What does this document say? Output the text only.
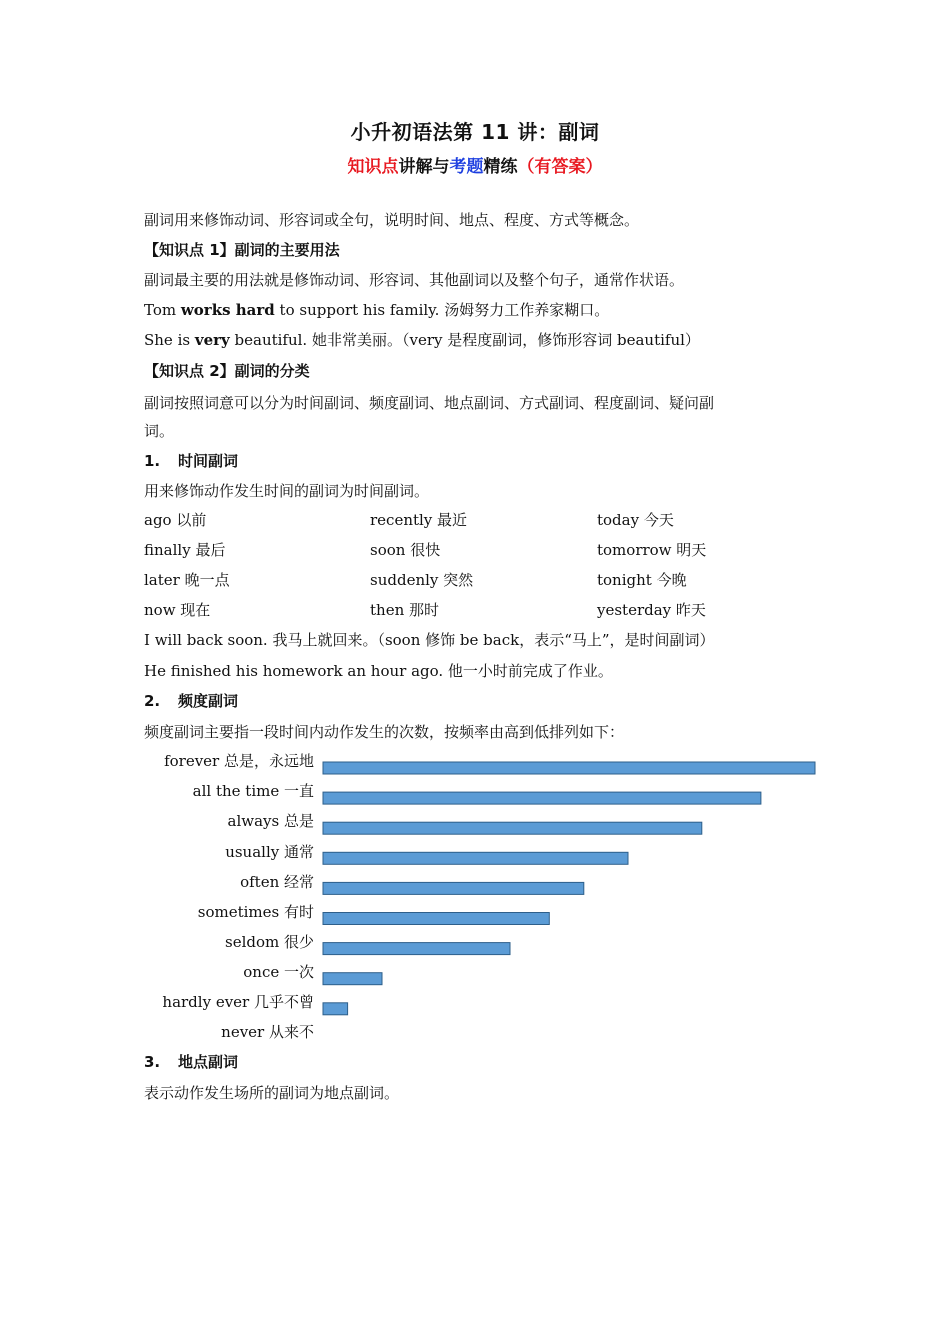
小升初语法第 11 讲：副词
知识点讲解与考题精练（有答案）
副词用来修饰动词、形容词或全句，说明时间、地点、程度、方式等概念。
【知识点 1】副词的主要用法
副词最主要的用法就是修饰动词、形容词、其他副词以及整个句子，通常作状语。
Tom works hard to support his family. 汤姆努力工作养家糊口。
She is very beautiful. 她非常美丽。（very 是程度副词，修饰形容词 beautiful）
【知识点 2】副词的分类
副词按照词意可以分为时间副词、频度副词、地点副词、方式副词、程度副词、疑问副
词。
1. 时间副词
用来修饰动作发生时间的副词为时间副词。
ago 以前	recently 最近	today 今天
finally 最后	soon 很快	tomorrow 明天
later 晚一点	suddenly 突然	tonight 今晚
now 现在	then 那时	yesterday 昨天
I will back soon. 我马上就回来。（soon 修饰 be back，表示“马上”，是时间副词）
He finished his homework an hour ago. 他一小时前完成了作业。
2. 频度副词
频度副词主要指一段时间内动作发生的次数，按频率由高到低排列如下：
forever 总是，永远地
all the time 一直
always 总是
usually 通常
often 经常
sometimes 有时
seldom 很少
once 一次
hardly ever 几乎不曾
never 从来不
3. 地点副词
表示动作发生场所的副词为地点副词。
